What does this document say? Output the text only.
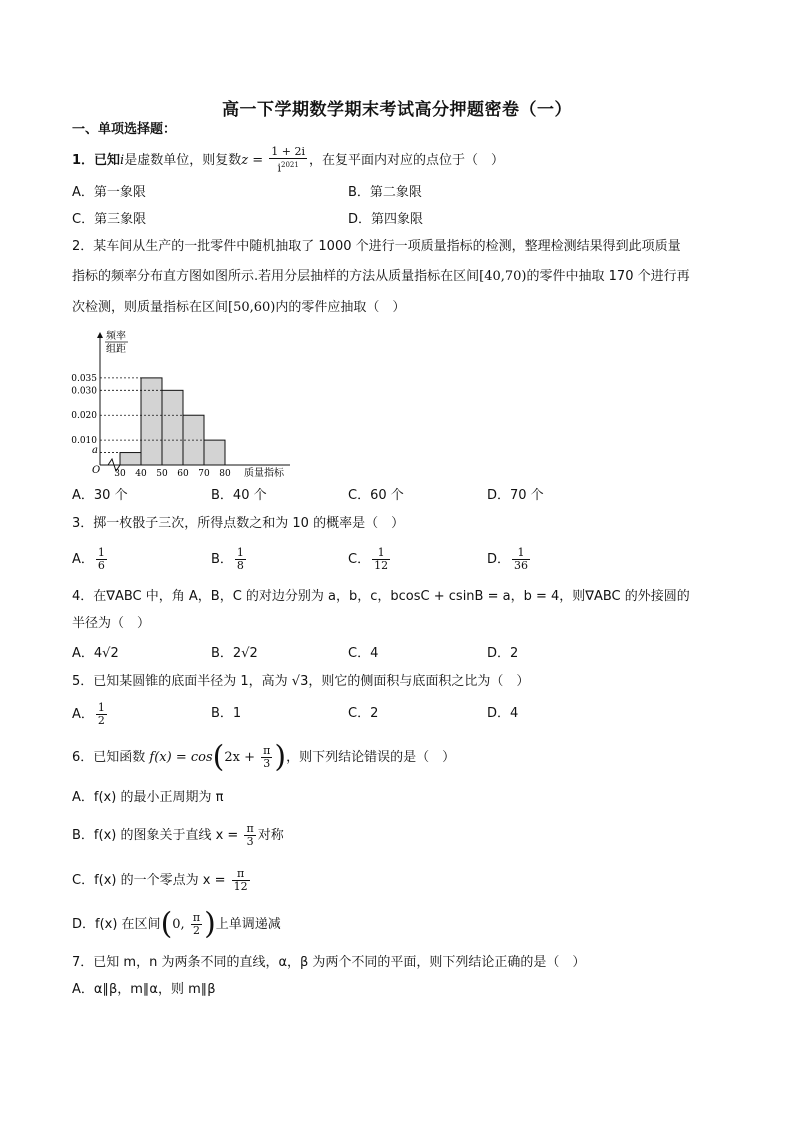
高一下学期数学期末考试高分押题密卷（一）
一、单项选择题：
1．已知i是虚数单位，则复数$z = \frac{1 + 2i}{i^{2021}}$ ，在复平面内对应的点位于（　）
A．第一象限	B．第二象限
C．第三象限	D．第四象限
2．某车间从生产的一批零件中随机抽取了 1000 个进行一项质量指标的检测，整理检测结果得到此项质量
指标的频率分布直方图如图所示.若用分层抽样的方法从质量指标在区间[40,70)的零件中抽取 170 个进行再
次检测，则质量指标在区间[50,60)内的零件应抽取（　）
频率
组距
O
a
0.010
0.020
0.030
0.035
30 40 50 60 70 80 质量指标
A．30 个	B．40 个	C．60 个	D．70 个
3．掷一枚骰子三次，所得点数之和为 10 的概率是（　）
A． $\frac{1}{6}$	B． $\frac{1}{8}$	C． $\frac{1}{12}$	D． $\frac{1}{36}$
4．在∇ABC 中，角 A，B，C 的对边分别为 a，b，c，bcosC + csinB = a，b = 4，则∇ABC 的外接圆的
半径为（　）
A．4√2	B．2√2	C．4	D．2
5．已知某圆锥的底面半径为 1，高为 √3，则它的侧面积与底面积之比为（　）
A． $\frac{1}{2}$	B．1	C．2	D．4
6．已知函数 $f(x) = \cos(2x + \frac{\pi}{3}$ )，则下列结论错误的是（　）
A．f(x) 的最小正周期为 π
B．f(x) 的图象关于直线 $x = \frac{\pi}{3}$ 对称
C．f(x) 的一个零点为 $x = \frac{\pi}{12}$
D．f(x) 在区间(0, $\frac{\pi}{2}$ )上单调递减
7．已知 m，n 为两条不同的直线，α，β 为两个不同的平面，则下列结论正确的是（　）
A．α∥β，m∥α，则 m∥β
